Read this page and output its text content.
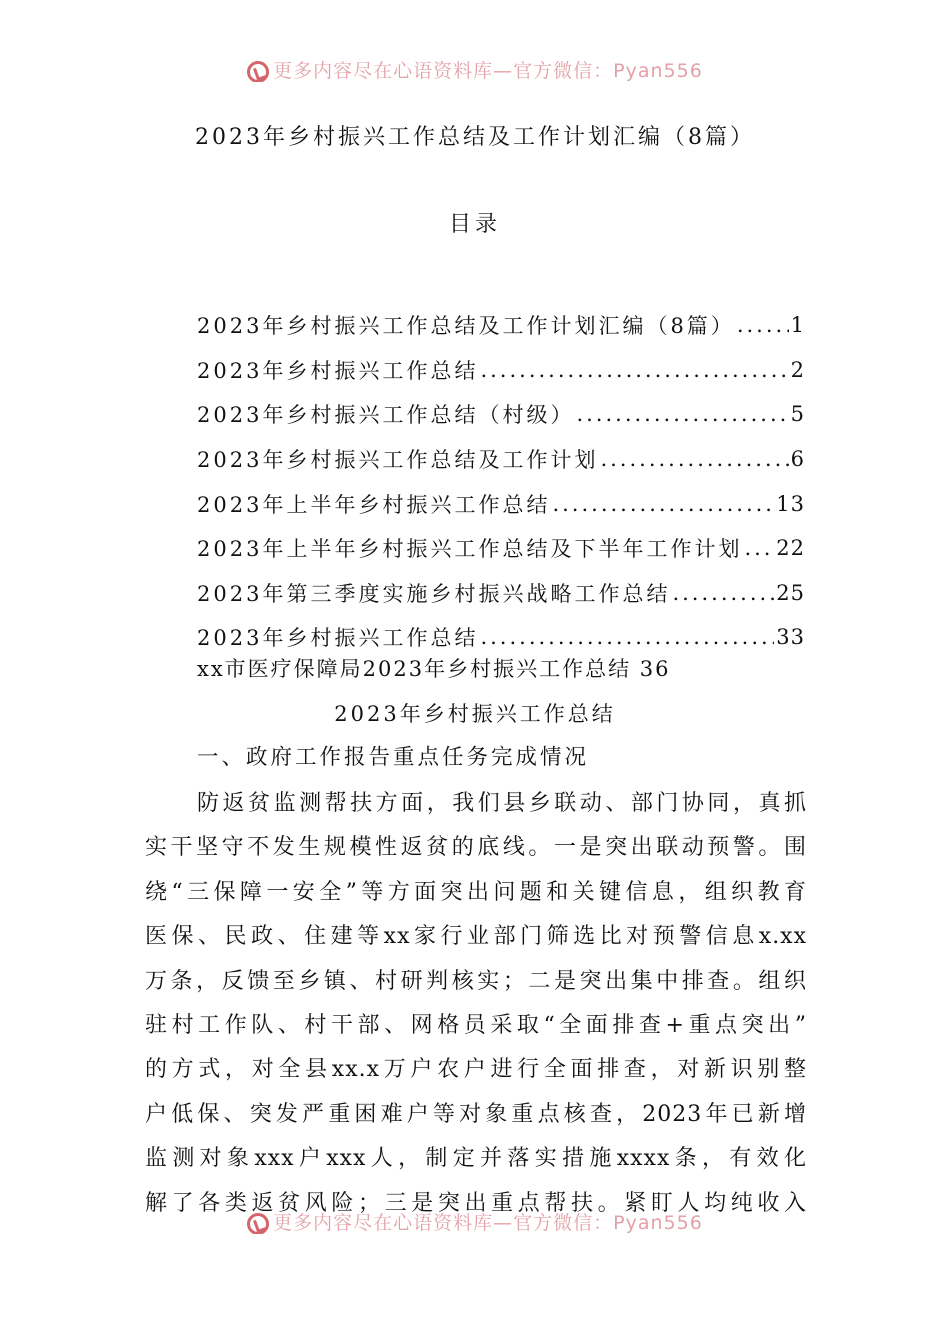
更多内容尽在心语资料库—官方微信：Pyan556
2023年乡村振兴工作总结及工作计划汇编（8篇）
目录
2023年乡村振兴工作总结及工作计划汇编（8篇） .....	1
2023年乡村振兴工作总结 .....	2
2023年乡村振兴工作总结（村级） .....	5
2023年乡村振兴工作总结及工作计划 .....	6
2023年上半年乡村振兴工作总结 .....	13
2023年上半年乡村振兴工作总结及下半年工作计划 ..... 22
2023年第三季度实施乡村振兴战略工作总结 .....	25
2023年乡村振兴工作总结 .....	33
xx市医疗保障局2023年乡村振兴工作总结 36
2023年乡村振兴工作总结
一、政府工作报告重点任务完成情况
防返贫监测帮扶方面，我们县乡联动、部门协同，真抓
实干坚守不发生规模性返贫的底线。一是突出联动预警。围
绕“三保障一安全”等方面突出问题和关键信息，组织教育
医保、民政、住建等xx家行业部门筛选比对预警信息x.xx
万条，反馈至乡镇、村研判核实；二是突出集中排查。组织
驻村工作队、村干部、网格员采取“全面排查+重点突出”
的方式，对全县xx.x万户农户进行全面排查，对新识别整
户低保、突发严重困难户等对象重点核查，2023年已新增
监测对象xxx户xxx人，制定并落实措施xxxx条，有效化
解了各类返贫风险；三是突出重点帮扶。紧盯人均纯收入
更多内容尽在心语资料库—官方微信：Pyan556
